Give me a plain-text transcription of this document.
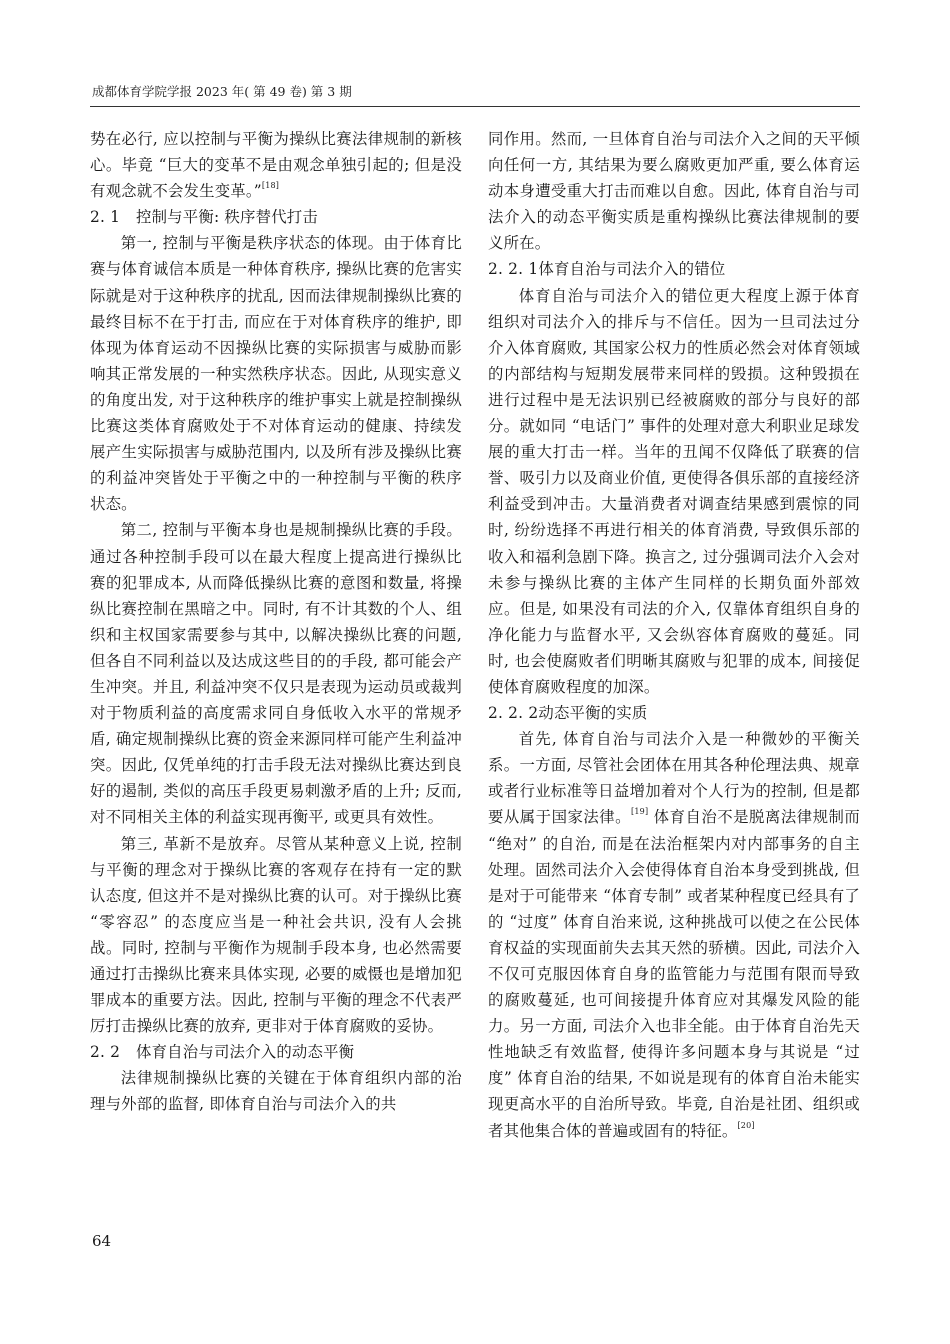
成都体育学院学报 2023 年( 第 49 卷) 第 3 期

势在必行, 应以控制与平衡为操纵比赛法律规制的新核心。毕竟 “巨大的变革不是由观念单独引起的; 但是没有观念就不会发生变革。”[18]

2. 1 控制与平衡: 秩序替代打击

第一, 控制与平衡是秩序状态的体现。由于体育比赛与体育诚信本质是一种体育秩序, 操纵比赛的危害实际就是对于这种秩序的扰乱, 因而法律规制操纵比赛的最终目标不在于打击, 而应在于对体育秩序的维护, 即体现为体育运动不因操纵比赛的实际损害与威胁而影响其正常发展的一种实然秩序状态。因此, 从现实意义的角度出发, 对于这种秩序的维护事实上就是控制操纵比赛这类体育腐败处于不对体育运动的健康、持续发展产生实际损害与威胁范围内, 以及所有涉及操纵比赛的利益冲突皆处于平衡之中的一种控制与平衡的秩序状态。

第二, 控制与平衡本身也是规制操纵比赛的手段。通过各种控制手段可以在最大程度上提高进行操纵比赛的犯罪成本, 从而降低操纵比赛的意图和数量, 将操纵比赛控制在黑暗之中。同时, 有不计其数的个人、组织和主权国家需要参与其中, 以解决操纵比赛的问题, 但各自不同利益以及达成这些目的的手段, 都可能会产生冲突。并且, 利益冲突不仅只是表现为运动员或裁判对于物质利益的高度需求同自身低收入水平的常规矛盾, 确定规制操纵比赛的资金来源同样可能产生利益冲突。因此, 仅凭单纯的打击手段无法对操纵比赛达到良好的遏制, 类似的高压手段更易刺激矛盾的上升; 反而, 对不同相关主体的利益实现再衡平, 或更具有效性。

第三, 革新不是放弃。尽管从某种意义上说, 控制与平衡的理念对于操纵比赛的客观存在持有一定的默认态度, 但这并不是对操纵比赛的认可。对于操纵比赛 “零容忍” 的态度应当是一种社会共识, 没有人会挑战。同时, 控制与平衡作为规制手段本身, 也必然需要通过打击操纵比赛来具体实现, 必要的威慑也是增加犯罪成本的重要方法。因此, 控制与平衡的理念不代表严厉打击操纵比赛的放弃, 更非对于体育腐败的妥协。

2. 2 体育自治与司法介入的动态平衡

法律规制操纵比赛的关键在于体育组织内部的治理与外部的监督, 即体育自治与司法介入的共

同作用。然而, 一旦体育自治与司法介入之间的天平倾向任何一方, 其结果为要么腐败更加严重, 要么体育运动本身遭受重大打击而难以自愈。因此, 体育自治与司法介入的动态平衡实质是重构操纵比赛法律规制的要义所在。

2. 2. 1体育自治与司法介入的错位

体育自治与司法介入的错位更大程度上源于体育组织对司法介入的排斥与不信任。因为一旦司法过分介入体育腐败, 其国家公权力的性质必然会对体育领域的内部结构与短期发展带来同样的毁损。这种毁损在进行过程中是无法识别已经被腐败的部分与良好的部分。就如同 “电话门” 事件的处理对意大利职业足球发展的重大打击一样。当年的丑闻不仅降低了联赛的信誉、吸引力以及商业价值, 更使得各俱乐部的直接经济利益受到冲击。大量消费者对调查结果感到震惊的同时, 纷纷选择不再进行相关的体育消费, 导致俱乐部的收入和福利急剧下降。换言之, 过分强调司法介入会对未参与操纵比赛的主体产生同样的长期负面外部效应。但是, 如果没有司法的介入, 仅靠体育组织自身的净化能力与监督水平, 又会纵容体育腐败的蔓延。同时, 也会使腐败者们明晰其腐败与犯罪的成本, 间接促使体育腐败程度的加深。

2. 2. 2动态平衡的实质

首先, 体育自治与司法介入是一种微妙的平衡关系。一方面, 尽管社会团体在用其各种伦理法典、规章或者行业标准等日益增加着对个人行为的控制, 但是都要从属于国家法律。[19] 体育自治不是脱离法律规制而 “绝对” 的自治, 而是在法治框架内对内部事务的自主处理。固然司法介入会使得体育自治本身受到挑战, 但是对于可能带来 “体育专制” 或者某种程度已经具有了的 “过度” 体育自治来说, 这种挑战可以使之在公民体育权益的实现面前失去其天然的骄横。因此, 司法介入不仅可克服因体育自身的监管能力与范围有限而导致的腐败蔓延, 也可间接提升体育应对其爆发风险的能力。另一方面, 司法介入也非全能。由于体育自治先天性地缺乏有效监督, 使得许多问题本身与其说是 “过度” 体育自治的结果, 不如说是现有的体育自治未能实现更高水平的自治所导致。毕竟, 自治是社团、组织或者其他集合体的普遍或固有的特征。[20]

64
